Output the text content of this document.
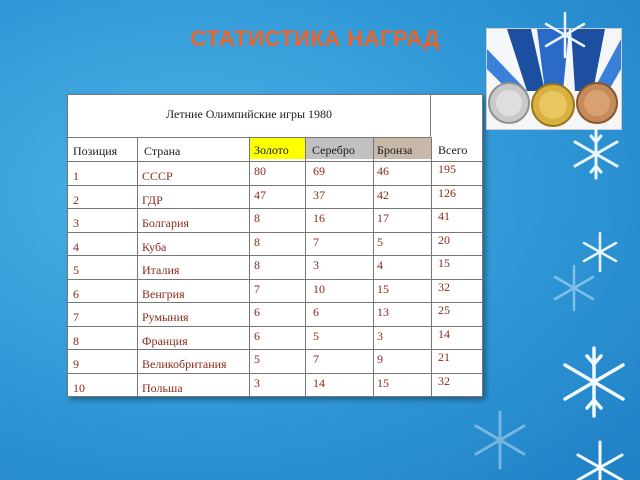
СТАТИСТИКА НАГРАД
Летние Олимпийские игры 1980
Позиция Страна	Золото Серебро Бронза Всего
1	СССР	80	69	46	195
2	ГДР	47	37	42	126
3	Болгария	8	16	17	41
4	Куба	8	7	5	20
5	Италия	8	3	4	15
6	Венгрия	7	10	15	32
7	Румыния	6	6	13	25
8	Франция	6	5	3	14
9	Великобритания 5	7	9	21
10	Польша	3	14	15	32
